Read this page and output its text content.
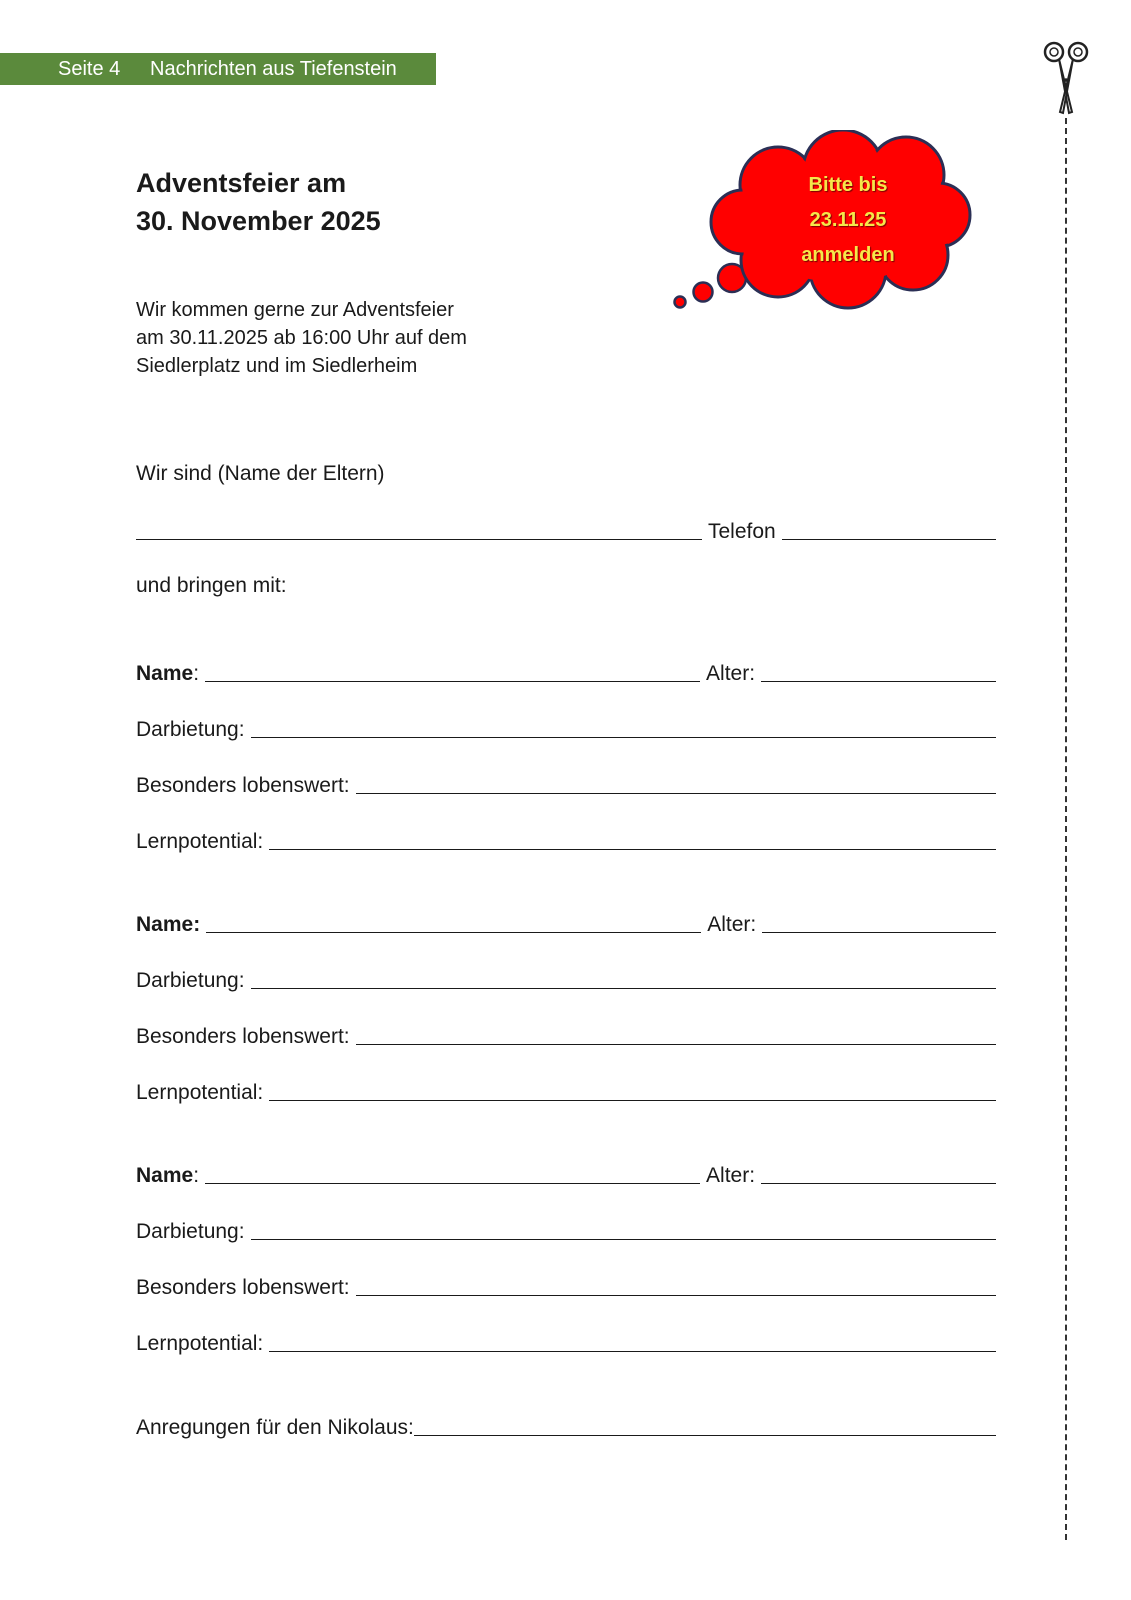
Seite 4 Nachrichten aus Tiefenstein
Adventsfeier am
30. November 2025
Bitte bis
23.11.25
anmelden

Wir kommen gerne zur Adventsfeier
am 30.11.2025 ab 16:00 Uhr auf dem
Siedlerplatz und im Siedlerheim

Wir sind (Name der Eltern)

Telefon

und bringen mit:

Name:	Alter:
Darbietung:
Besonders lobenswert:
Lernpotential:
Name:	Alter:
Darbietung:
Besonders lobenswert:
Lernpotential:
Name:	Alter:
Darbietung:
Besonders lobenswert:
Lernpotential:
Anregungen für den Nikolaus:
